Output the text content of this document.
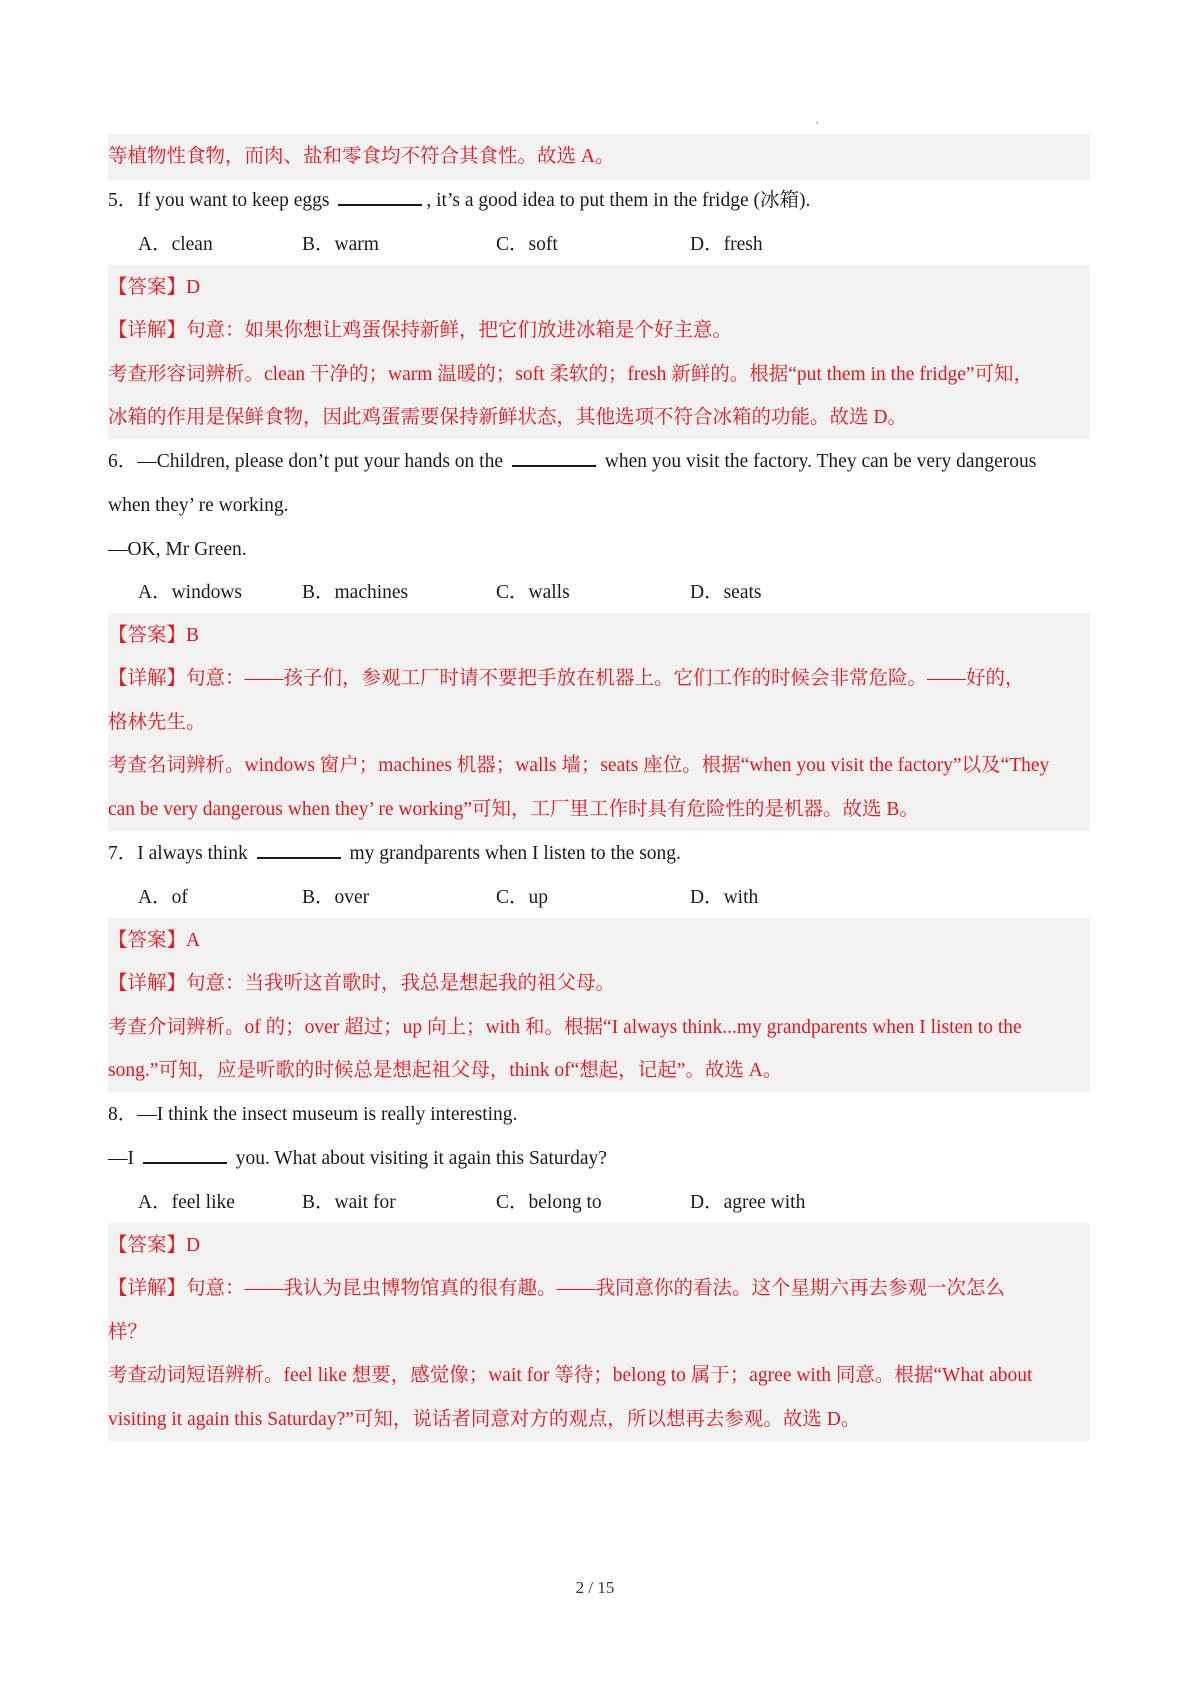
'
等植物性食物，而肉、盐和零食均不符合其食性。故选 A。
5．If you want to keep eggs	, it’s a good idea to put them in the fridge (冰箱).
A．clean	B．warm	C．soft	D．fresh
【答案】D
【详解】句意：如果你想让鸡蛋保持新鲜，把它们放进冰箱是个好主意。
考查形容词辨析。clean 干净的；warm 温暖的；soft 柔软的；fresh 新鲜的。根据“put them in the fridge”可知，
冰箱的作用是保鲜食物，因此鸡蛋需要保持新鲜状态，其他选项不符合冰箱的功能。故选 D。
6．—Children, please don’t put your hands on the	when you visit the factory. They can be very dangerous
when they’ re working.
—OK, Mr Green.
A．windows	B．machines	C．walls	D．seats
【答案】B
【详解】句意：——孩子们，参观工厂时请不要把手放在机器上。它们工作的时候会非常危险。——好的，
格林先生。
考查名词辨析。windows 窗户；machines 机器；walls 墙；seats 座位。根据“when you visit the factory”以及“They
can be very dangerous when they’ re working”可知，工厂里工作时具有危险性的是机器。故选 B。
7．I always think	my grandparents when I listen to the song.
A．of	B．over	C．up	D．with
【答案】A
【详解】句意：当我听这首歌时，我总是想起我的祖父母。
考查介词辨析。of 的；over 超过；up 向上；with 和。根据“I always think...my grandparents when I listen to the
song.”可知，应是听歌的时候总是想起祖父母，think of“想起，记起”。故选 A。
8．—I think the insect museum is really interesting.
—I	you. What about visiting it again this Saturday?
A．feel like	B．wait for	C．belong to	D．agree with
【答案】D
【详解】句意：——我认为昆虫博物馆真的很有趣。——我同意你的看法。这个星期六再去参观一次怎么
样？
考查动词短语辨析。feel like 想要，感觉像；wait for 等待；belong to 属于；agree with 同意。根据“What about
visiting it again this Saturday?”可知，说话者同意对方的观点，所以想再去参观。故选 D。
2 / 15
